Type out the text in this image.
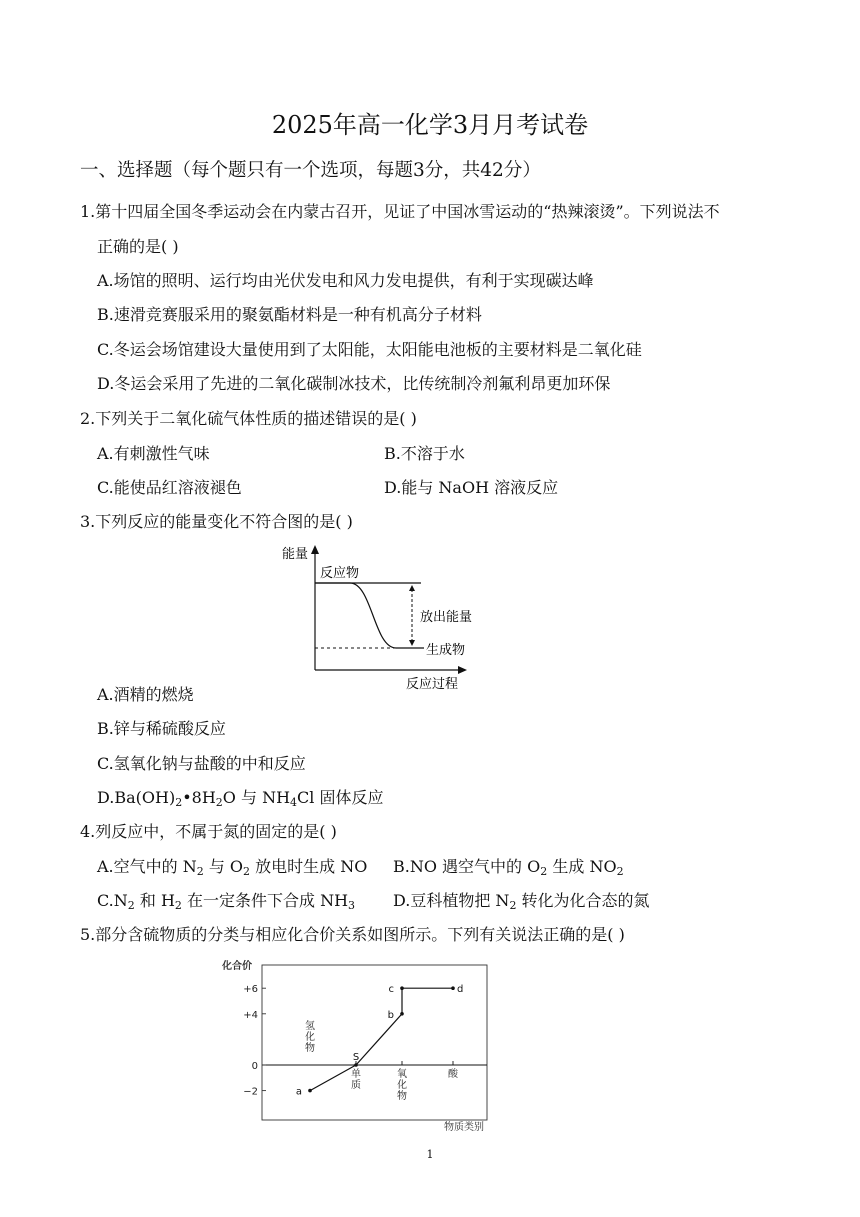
2025年高一化学3月月考试卷
一、选择题（每个题只有一个选项，每题3分，共42分）
1.第十四届全国冬季运动会在内蒙古召开，见证了中国冰雪运动的“热辣滚烫”。下列说法不
正确的是( )
A.场馆的照明、运行均由光伏发电和风力发电提供，有利于实现碳达峰
B.速滑竞赛服采用的聚氨酯材料是一种有机高分子材料
C.冬运会场馆建设大量使用到了太阳能，太阳能电池板的主要材料是二氧化硅
D.冬运会采用了先进的二氧化碳制冰技术，比传统制冷剂氟利昂更加环保
2.下列关于二氧化硫气体性质的描述错误的是( )
A.有刺激性气味	B.不溶于水
C.能使品红溶液褪色	D.能与 NaOH 溶液反应
3.下列反应的能量变化不符合图的是( )
能量
反应物
放出能量
生成物
反应过程
A.酒精的燃烧
B.锌与稀硫酸反应
C.氢氧化钠与盐酸的中和反应
$D.Ba(OH)_2•8H_2O$ 与 $NH_4Cl$ 固体反应
4.列反应中，不属于氮的固定的是( )
A.空气中的 $N_2$ 与 $O_2$ 放电时生成 NO B.NO 遇空气中的 $O_2$ 生成 $NO_2$
$C.N_2$ 和 $H_2$ 在一定条件下合成 $NH_3$ D.豆科植物把 $N_2$ 转化为化合态的氮
5.部分含硫物质的分类与相应化合价关系如图所示。下列有关说法正确的是( )
化合价
物质类别
+6
+4
0
−2
氢
化
物
单
质
氧
化
物
酸
a
S
b
c	d
1
